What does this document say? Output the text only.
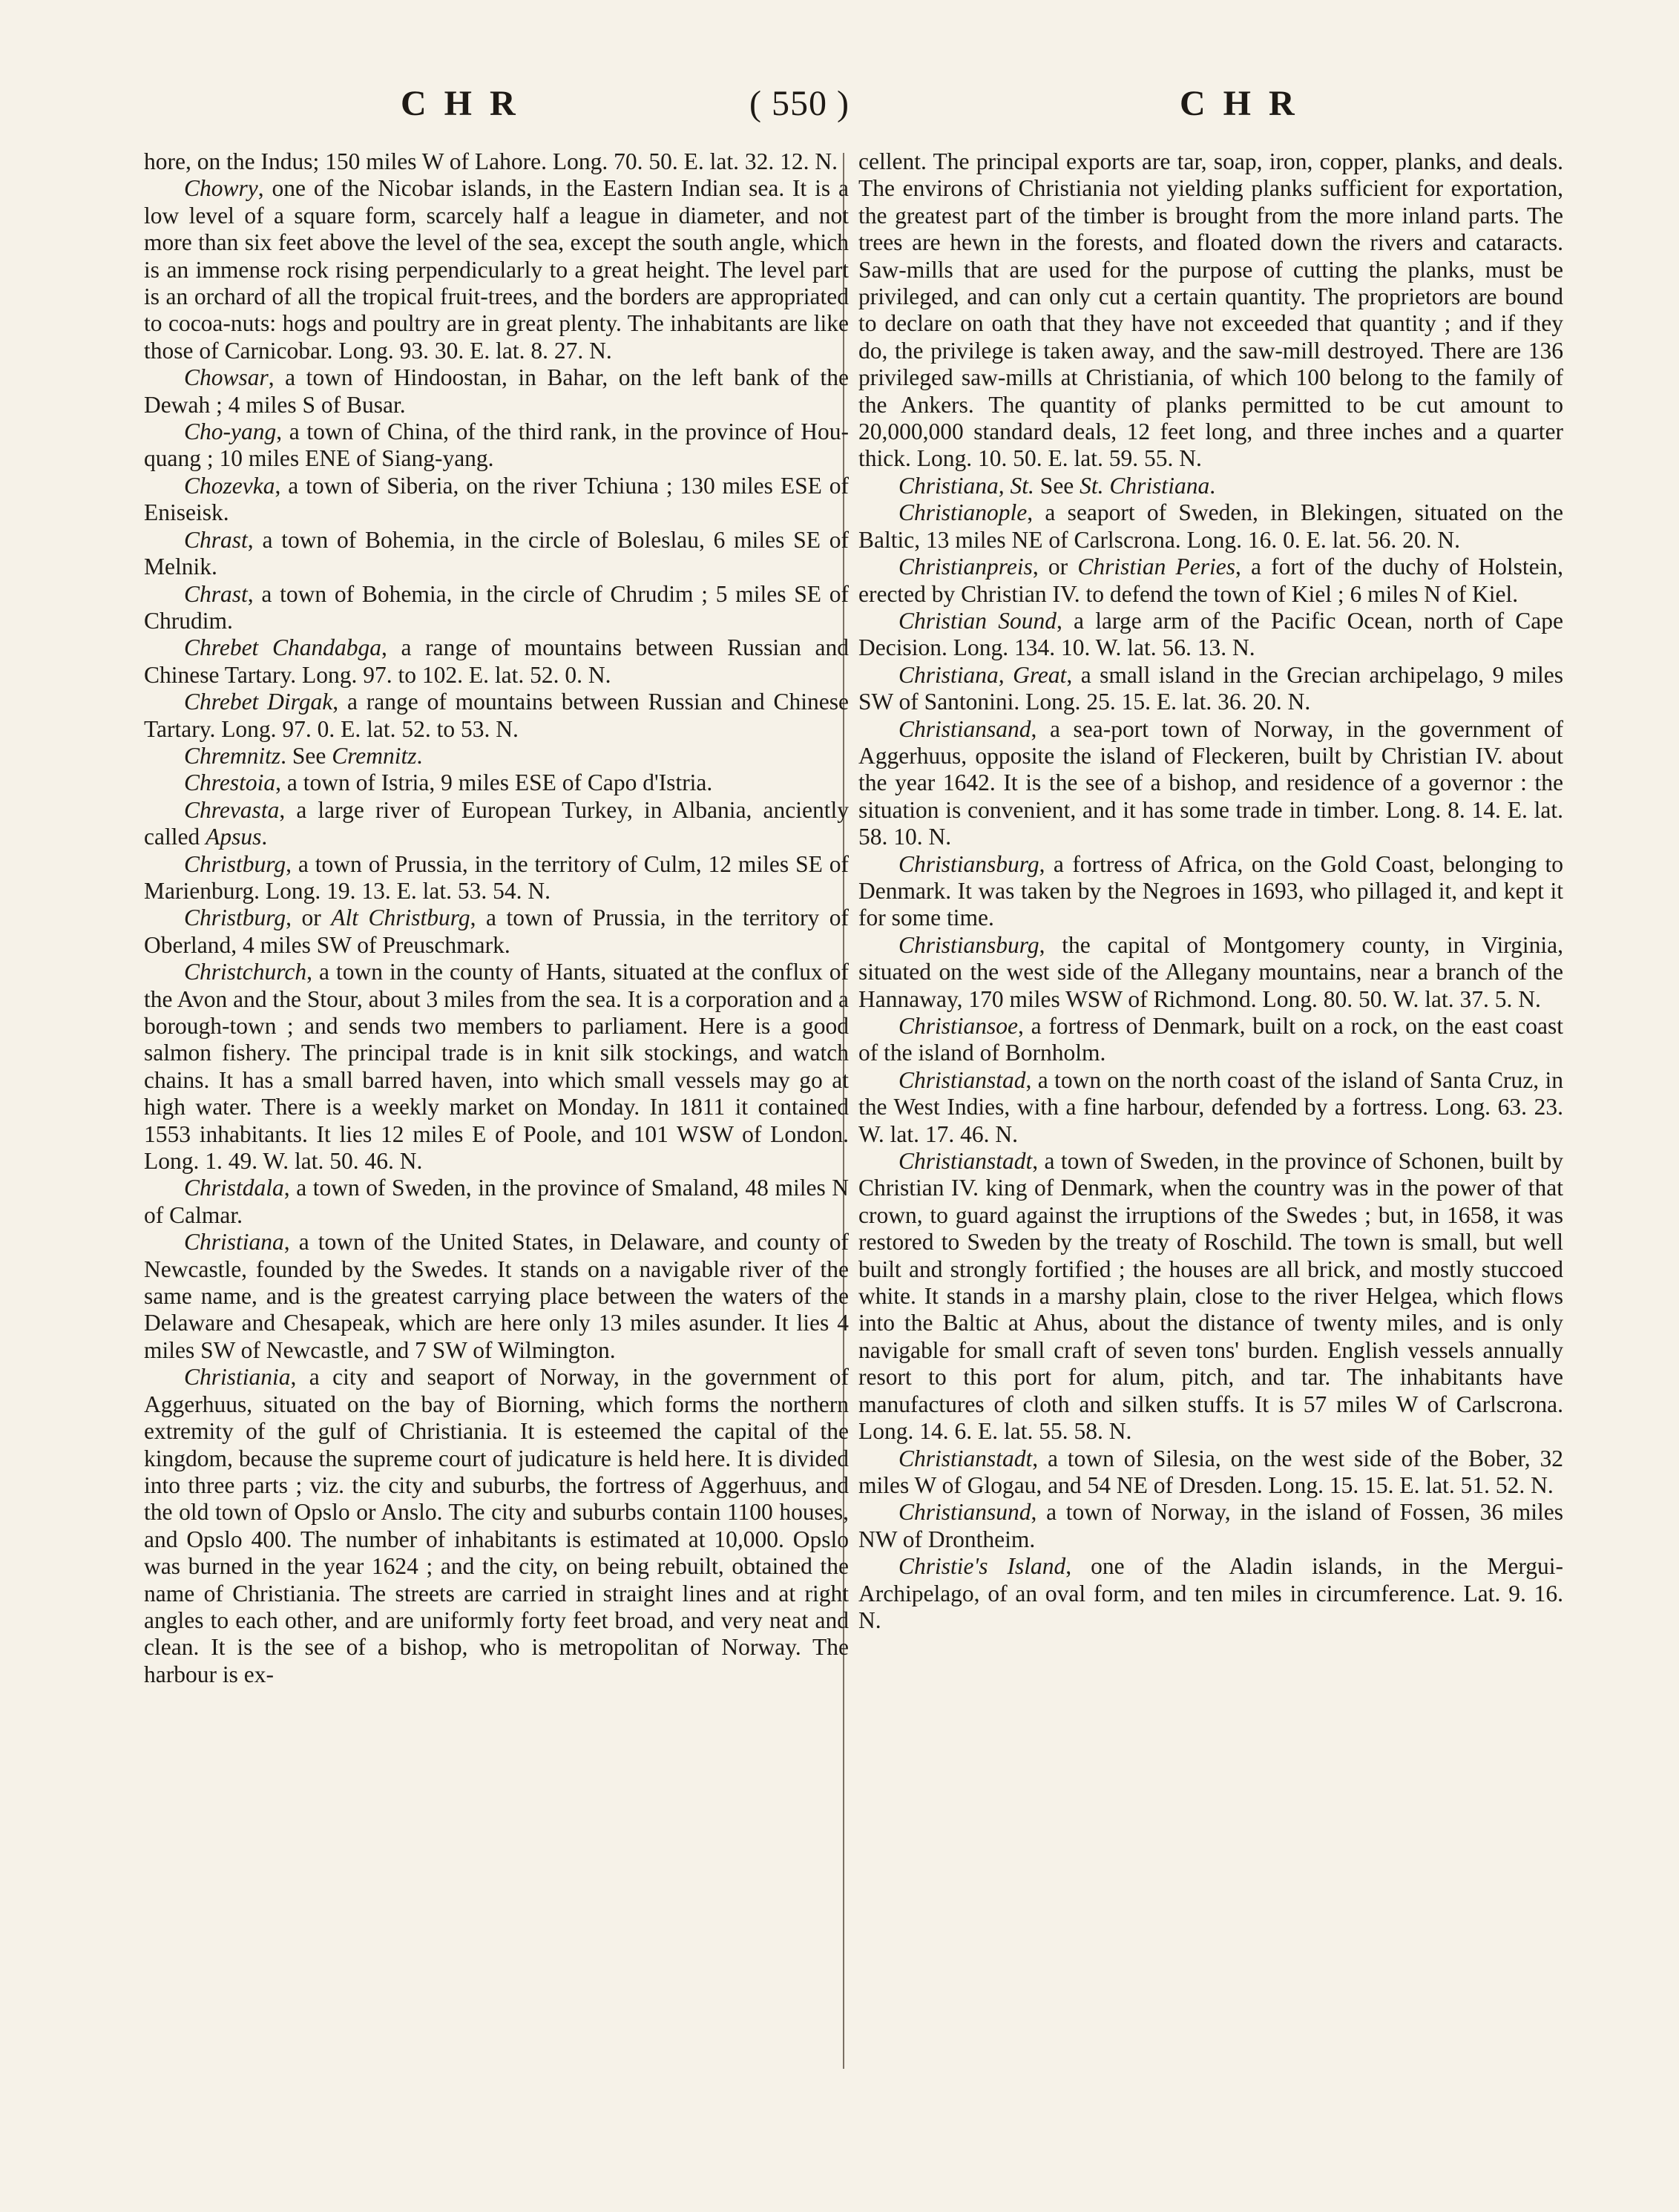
C H R	( 550 )	C H R

hore, on the Indus; 150 miles W of Lahore. Long. 70. 50. E. lat. 32. 12. N.

Chowry, one of the Nicobar islands, in the Eastern Indian sea. It is a low level of a square form, scarcely half a league in diameter, and not more than six feet above the level of the sea, except the south angle, which is an immense rock rising perpendicularly to a great height. The level part is an orchard of all the tropical fruit-trees, and the borders are appropriated to cocoa-nuts: hogs and poultry are in great plenty. The inhabitants are like those of Carnicobar. Long. 93. 30. E. lat. 8. 27. N.

Chowsar, a town of Hindoostan, in Bahar, on the left bank of the Dewah ; 4 miles S of Busar.

Cho-yang, a town of China, of the third rank, in the province of Hou-quang ; 10 miles ENE of Siang-yang.

Chozevka, a town of Siberia, on the river Tchiuna ; 130 miles ESE of Eniseisk.

Chrast, a town of Bohemia, in the circle of Boleslau, 6 miles SE of Melnik.

Chrast, a town of Bohemia, in the circle of Chrudim ; 5 miles SE of Chrudim.

Chrebet Chandabga, a range of mountains between Russian and Chinese Tartary. Long. 97. to 102. E. lat. 52. 0. N.

Chrebet Dirgak, a range of mountains between Russian and Chinese Tartary. Long. 97. 0. E. lat. 52. to 53. N.

Chremnitz. See Cremnitz.

Chrestoia, a town of Istria, 9 miles ESE of Capo d'Istria.

Chrevasta, a large river of European Turkey, in Albania, anciently called Apsus.

Christburg, a town of Prussia, in the territory of Culm, 12 miles SE of Marienburg. Long. 19. 13. E. lat. 53. 54. N.

Christburg, or Alt Christburg, a town of Prussia, in the territory of Oberland, 4 miles SW of Preuschmark.

Christchurch, a town in the county of Hants, situated at the conflux of the Avon and the Stour, about 3 miles from the sea. It is a corporation and a borough-town ; and sends two members to parliament. Here is a good salmon fishery. The principal trade is in knit silk stockings, and watch chains. It has a small barred haven, into which small vessels may go at high water. There is a weekly market on Monday. In 1811 it contained 1553 inhabitants. It lies 12 miles E of Poole, and 101 WSW of London. Long. 1. 49. W. lat. 50. 46. N.

Christdala, a town of Sweden, in the province of Smaland, 48 miles N of Calmar.

Christiana, a town of the United States, in Delaware, and county of Newcastle, founded by the Swedes. It stands on a navigable river of the same name, and is the greatest carrying place between the waters of the Delaware and Chesapeak, which are here only 13 miles asunder. It lies 4 miles SW of Newcastle, and 7 SW of Wilmington.

Christiania, a city and seaport of Norway, in the government of Aggerhuus, situated on the bay of Biorning, which forms the northern extremity of the gulf of Christiania. It is esteemed the capital of the kingdom, because the supreme court of judicature is held here. It is divided into three parts ; viz. the city and suburbs, the fortress of Aggerhuus, and the old town of Opslo or Anslo. The city and suburbs contain 1100 houses, and Opslo 400. The number of inhabitants is estimated at 10,000. Opslo was burned in the year 1624 ; and the city, on being rebuilt, obtained the name of Christiania. The streets are carried in straight lines and at right angles to each other, and are uniformly forty feet broad, and very neat and clean. It is the see of a bishop, who is metropolitan of Norway. The harbour is ex-

cellent. The principal exports are tar, soap, iron, copper, planks, and deals. The environs of Christiania not yielding planks sufficient for exportation, the greatest part of the timber is brought from the more inland parts. The trees are hewn in the forests, and floated down the rivers and cataracts. Saw-mills that are used for the purpose of cutting the planks, must be privileged, and can only cut a certain quantity. The proprietors are bound to declare on oath that they have not exceeded that quantity ; and if they do, the privilege is taken away, and the saw-mill destroyed. There are 136 privileged saw-mills at Christiania, of which 100 belong to the family of the Ankers. The quantity of planks permitted to be cut amount to 20,000,000 standard deals, 12 feet long, and three inches and a quarter thick. Long. 10. 50. E. lat. 59. 55. N.

Christiana, St. See St. Christiana.

Christianople, a seaport of Sweden, in Blekingen, situated on the Baltic, 13 miles NE of Carlscrona. Long. 16. 0. E. lat. 56. 20. N.

Christianpreis, or Christian Peries, a fort of the duchy of Holstein, erected by Christian IV. to defend the town of Kiel ; 6 miles N of Kiel.

Christian Sound, a large arm of the Pacific Ocean, north of Cape Decision. Long. 134. 10. W. lat. 56. 13. N.

Christiana, Great, a small island in the Grecian archipelago, 9 miles SW of Santonini. Long. 25. 15. E. lat. 36. 20. N.

Christiansand, a sea-port town of Norway, in the government of Aggerhuus, opposite the island of Fleckeren, built by Christian IV. about the year 1642. It is the see of a bishop, and residence of a governor : the situation is convenient, and it has some trade in timber. Long. 8. 14. E. lat. 58. 10. N.

Christiansburg, a fortress of Africa, on the Gold Coast, belonging to Denmark. It was taken by the Negroes in 1693, who pillaged it, and kept it for some time.

Christiansburg, the capital of Montgomery county, in Virginia, situated on the west side of the Allegany mountains, near a branch of the Hannaway, 170 miles WSW of Richmond. Long. 80. 50. W. lat. 37. 5. N.

Christiansoe, a fortress of Denmark, built on a rock, on the east coast of the island of Bornholm.

Christianstad, a town on the north coast of the island of Santa Cruz, in the West Indies, with a fine harbour, defended by a fortress. Long. 63. 23. W. lat. 17. 46. N.

Christianstadt, a town of Sweden, in the province of Schonen, built by Christian IV. king of Denmark, when the country was in the power of that crown, to guard against the irruptions of the Swedes ; but, in 1658, it was restored to Sweden by the treaty of Roschild. The town is small, but well built and strongly fortified ; the houses are all brick, and mostly stuccoed white. It stands in a marshy plain, close to the river Helgea, which flows into the Baltic at Ahus, about the distance of twenty miles, and is only navigable for small craft of seven tons' burden. English vessels annually resort to this port for alum, pitch, and tar. The inhabitants have manufactures of cloth and silken stuffs. It is 57 miles W of Carlscrona. Long. 14. 6. E. lat. 55. 58. N.

Christianstadt, a town of Silesia, on the west side of the Bober, 32 miles W of Glogau, and 54 NE of Dresden. Long. 15. 15. E. lat. 51. 52. N.

Christiansund, a town of Norway, in the island of Fossen, 36 miles NW of Drontheim.

Christie's Island, one of the Aladin islands, in the Mergui-Archipelago, of an oval form, and ten miles in circumference. Lat. 9. 16. N.
